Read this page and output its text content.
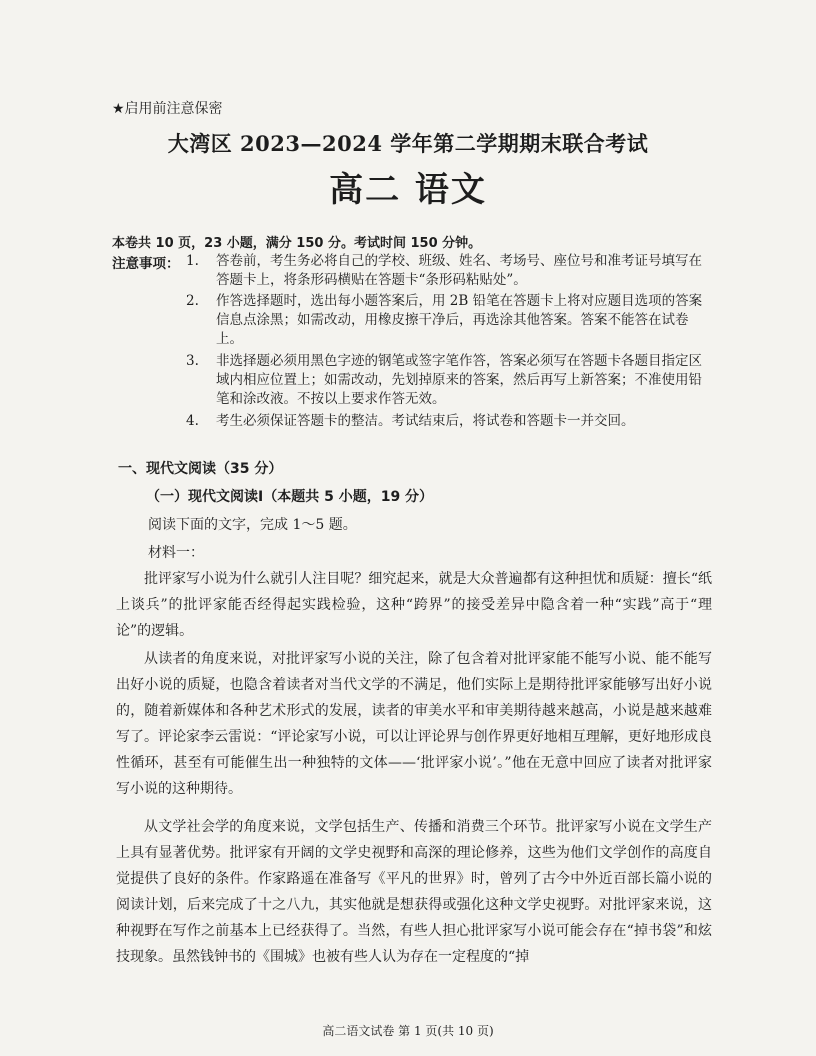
★启用前注意保密
大湾区 2023—2024 学年第二学期期末联合考试
高二 语文
本卷共 10 页，23 小题，满分 150 分。考试时间 150 分钟。
注意事项： 1. 答卷前，考生务必将自己的学校、班级、姓名、考场号、座位号和准考证号填写在答题卡上，将条形码横贴在答题卡“条形码粘贴处”。
2. 作答选择题时，选出每小题答案后，用 2B 铅笔在答题卡上将对应题目选项的答案信息点涂黑；如需改动，用橡皮擦干净后，再选涂其他答案。答案不能答在试卷上。
3. 非选择题必须用黑色字迹的钢笔或签字笔作答，答案必须写在答题卡各题目指定区域内相应位置上；如需改动，先划掉原来的答案，然后再写上新答案；不准使用铅笔和涂改液。不按以上要求作答无效。
4. 考生必须保证答题卡的整洁。考试结束后，将试卷和答题卡一并交回。
一、现代文阅读（35 分）
（一）现代文阅读Ⅰ（本题共 5 小题，19 分）
阅读下面的文字，完成 1～5 题。
材料一：
批评家写小说为什么就引人注目呢？细究起来，就是大众普遍都有这种担忧和质疑：擅长“纸上谈兵”的批评家能否经得起实践检验，这种“跨界”的接受差异中隐含着一种“实践”高于“理论”的逻辑。
从读者的角度来说，对批评家写小说的关注，除了包含着对批评家能不能写小说、能不能写出好小说的质疑，也隐含着读者对当代文学的不满足，他们实际上是期待批评家能够写出好小说的，随着新媒体和各种艺术形式的发展，读者的审美水平和审美期待越来越高，小说是越来越难写了。评论家李云雷说：“评论家写小说，可以让评论界与创作界更好地相互理解，更好地形成良性循环，甚至有可能催生出一种独特的文体——‘批评家小说’。”他在无意中回应了读者对批评家写小说的这种期待。
从文学社会学的角度来说，文学包括生产、传播和消费三个环节。批评家写小说在文学生产上具有显著优势。批评家有开阔的文学史视野和高深的理论修养，这些为他们文学创作的高度自觉提供了良好的条件。作家路遥在准备写《平凡的世界》时，曾列了古今中外近百部长篇小说的阅读计划，后来完成了十之八九，其实他就是想获得或强化这种文学史视野。对批评家来说，这种视野在写作之前基本上已经获得了。当然，有些人担心批评家写小说可能会存在“掉书袋”和炫技现象。虽然钱钟书的《围城》也被有些人认为存在一定程度的“掉
高二语文试卷 第 1 页(共 10 页)
